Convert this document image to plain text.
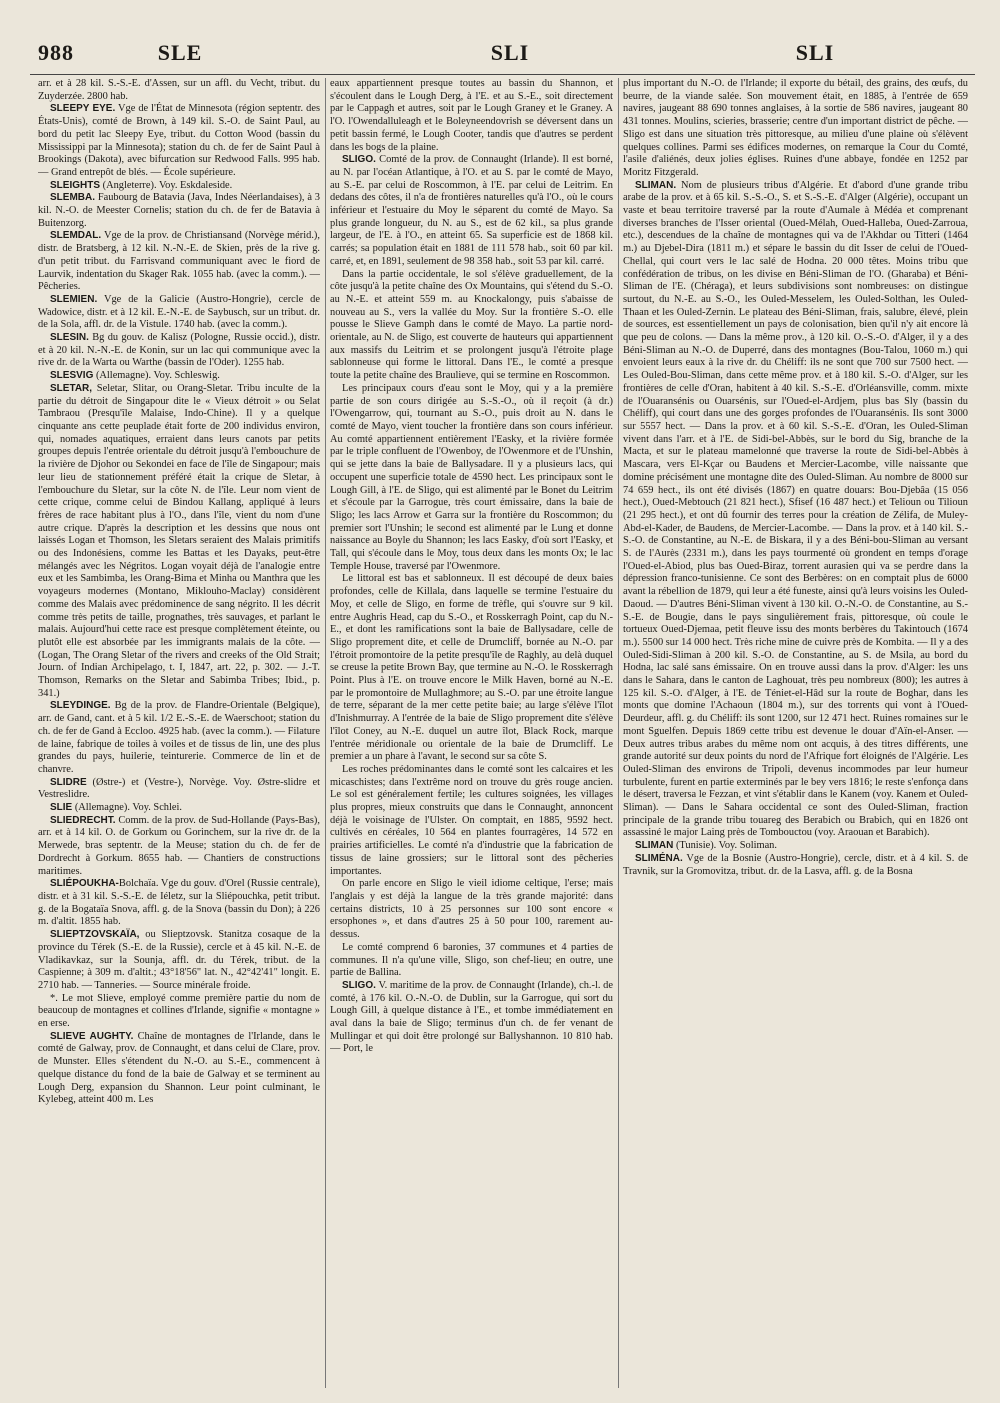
988	SLE	SLI	SLI

arr. et à 28 kil. S.-S.-E. d'Assen, sur un affl. du Vecht, tribut. du Zuyderzée. 2800 hab.

SLEEPY EYE. Vge de l'État de Minnesota (région septentr. des États-Unis), comté de Brown, à 149 kil. S.-O. de Saint Paul, au bord du petit lac Sleepy Eye, tribut. du Cotton Wood (bassin du Mississippi par la Minnesota); station du ch. de fer de Saint Paul à Brookings (Dakota), avec bifurcation sur Redwood Falls. 995 hab. — Grand entrepôt de blés. — École supérieure.

SLEIGHTS (Angleterre). Voy. Eskdaleside.

SLEMBA. Faubourg de Batavia (Java, Indes Néerlandaises), à 3 kil. N.-O. de Meester Cornelis; station du ch. de fer de Batavia à Buitenzorg.

SLEMDAL. Vge de la prov. de Christiansand (Norvège mérid.), distr. de Bratsberg, à 12 kil. N.-N.-E. de Skien, près de la rive g. d'un petit tribut. du Farrisvand communiquant avec le fiord de Laurvik, indentation du Skager Rak. 1055 hab. (avec la comm.). — Pêcheries.

SLEMIEN. Vge de la Galicie (Austro-Hongrie), cercle de Wadowice, distr. et à 12 kil. E.-N.-E. de Saybusch, sur un tribut. dr. de la Sola, affl. dr. de la Vistule. 1740 hab. (avec la comm.).

SLESIN. Bg du gouv. de Kalisz (Pologne, Russie occid.), distr. et à 20 kil. N.-N.-E. de Konin, sur un lac qui communique avec la rive dr. de la Warta ou Warthe (bassin de l'Oder). 1255 hab.

SLESVIG (Allemagne). Voy. Schleswig.

SLETAR, Seletar, Slitar, ou Orang-Sletar. Tribu inculte de la partie du détroit de Singapour dite le « Vieux détroit » ou Selat Tambraou (Presqu'île Malaise, Indo-Chine). Il y a quelque cinquante ans cette peuplade était forte de 200 individus environ, qui, nomades aquatiques, erraient dans leurs canots par petits groupes depuis l'entrée orientale du détroit jusqu'à l'embouchure de la rivière de Djohor ou Sekondei en face de l'île de Singapour; mais leur lieu de stationnement préféré était la crique de Sletar, à l'embouchure du Sletar, sur la côte N. de l'île. Leur nom vient de cette crique, comme celui de Bindou Kallang, appliqué à leurs frères de race habitant plus à l'O., dans l'île, vient du nom d'une autre crique. D'après la description et les dessins que nous ont laissés Logan et Thomson, les Sletars seraient des Malais primitifs ou des Indonésiens, comme les Battas et les Dayaks, peut-être mélangés avec les Négritos. Logan voyait déjà de l'analogie entre eux et les Sambimba, les Orang-Bima et Minha ou Manthra que les voyageurs modernes (Montano, Miklouho-Maclay) considèrent comme des Malais avec prédominence de sang négrito. Il les décrit comme très petits de taille, prognathes, très sauvages, et parlant le malais. Aujourd'hui cette race est presque complètement éteinte, ou plutôt elle est absorbée par les immigrants malais de la côte. — (Logan, The Orang Sletar of the rivers and creeks of the Old Strait; Journ. of Indian Archipelago, t. I, 1847, art. 22, p. 302. — J.-T. Thomson, Remarks on the Sletar and Sabimba Tribes; Ibid., p. 341.)

SLEYDINGE. Bg de la prov. de Flandre-Orientale (Belgique), arr. de Gand, cant. et à 5 kil. 1/2 E.-S.-E. de Waerschoot; station du ch. de fer de Gand à Eccloo. 4925 hab. (avec la comm.). — Filature de laine, fabrique de toiles à voiles et de tissus de lin, une des plus grandes du pays, huilerie, teinturerie. Commerce de lin et de chanvre.

SLIDRE (Østre-) et (Vestre-), Norvège. Voy. Østre-slidre et Vestreslidre.

SLIE (Allemagne). Voy. Schlei.

SLIEDRECHT. Comm. de la prov. de Sud-Hollande (Pays-Bas), arr. et à 14 kil. O. de Gorkum ou Gorinchem, sur la rive dr. de la Merwede, bras septentr. de la Meuse; station du ch. de fer de Dordrecht à Gorkum. 8655 hab. — Chantiers de constructions maritimes.

SLIÉPOUKHA-Bolchaïa. Vge du gouv. d'Orel (Russie centrale), distr. et à 31 kil. S.-S.-E. de Iéletz, sur la Sliépouchka, petit tribut. g. de la Bogataïa Snova, affl. g. de la Snova (bassin du Don); à 226 m. d'altit. 1855 hab.

SLIEPTZOVSKAÏA, ou Slieptzovsk. Stanitza cosaque de la province du Térek (S.-E. de la Russie), cercle et à 45 kil. N.-E. de Vladikavkaz, sur la Sounja, affl. dr. du Térek, tribut. de la Caspienne; à 309 m. d'altit.; 43°18'56" lat. N., 42°42'41" longit. E. 2710 hab. — Tanneries. — Source minérale froide.

*. Le mot Slieve, employé comme première partie du nom de beaucoup de montagnes et collines d'Irlande, signifie « montagne » en erse.

SLIEVE AUGHTY. Chaîne de montagnes de l'Irlande, dans le comté de Galway, prov. de Connaught, et dans celui de Clare, prov. de Munster. Elles s'étendent du N.-O. au S.-E., commencent à quelque distance du fond de la baie de Galway et se terminent au Lough Derg, expansion du Shannon. Leur point culminant, le Kylebeg, atteint 400 m. Les

eaux appartiennent presque toutes au bassin du Shannon, et s'écoulent dans le Lough Derg, à l'E. et au S.-E., soit directement par le Cappagh et autres, soit par le Lough Graney et le Graney. A l'O. l'Owendalluleagh et le Boleyneendovrish se déversent dans un petit bassin fermé, le Lough Cooter, tandis que d'autres se perdent dans les bogs de la plaine.

SLIGO. Comté de la prov. de Connaught (Irlande). Il est borné, au N. par l'océan Atlantique, à l'O. et au S. par le comté de Mayo, au S.-E. par celui de Roscommon, à l'E. par celui de Leitrim. En dedans des côtes, il n'a de frontières naturelles qu'à l'O., où le cours inférieur et l'estuaire du Moy le séparent du comté de Mayo. Sa plus grande longueur, du N. au S., est de 62 kil., sa plus grande largeur, de l'E. à l'O., en atteint 65. Sa superficie est de 1868 kil. carrés; sa population était en 1881 de 111 578 hab., soit 60 par kil. carré, et, en 1891, seulement de 98 358 hab., soit 53 par kil. carré.

Dans la partie occidentale, le sol s'élève graduellement, de la côte jusqu'à la petite chaîne des Ox Mountains, qui s'étend du S.-O. au N.-E. et atteint 559 m. au Knockalongy, puis s'abaisse de nouveau au S., vers la vallée du Moy. Sur la frontière S.-O. elle pousse le Slieve Gamph dans le comté de Mayo. La partie nord-orientale, au N. de Sligo, est couverte de hauteurs qui appartiennent aux massifs du Leitrim et se prolongent jusqu'à l'étroite plage sablonneuse qui forme le littoral. Dans l'E., le comté a presque toute la petite chaîne des Braulieve, qui se termine en Roscommon.

Les principaux cours d'eau sont le Moy, qui y a la première partie de son cours dirigée au S.-S.-O., où il reçoit (à dr.) l'Owengarrow, qui, tournant au S.-O., puis droit au N. dans le comté de Mayo, vient toucher la frontière dans son cours inférieur. Au comté appartiennent entièrement l'Easky, et la rivière formée par le triple confluent de l'Owenboy, de l'Owenmore et de l'Unshin, qui se jette dans la baie de Ballysadare. Il y a plusieurs lacs, qui occupent une superficie totale de 4590 hect. Les principaux sont le Lough Gill, à l'E. de Sligo, qui est alimenté par le Bonet du Leitrim et s'écoule par la Garrogue, très court émissaire, dans la baie de Sligo; les lacs Arrow et Garra sur la frontière du Roscommon; du premier sort l'Unshin; le second est alimenté par le Lung et donne naissance au Boyle du Shannon; les lacs Easky, d'où sort l'Easky, et Tall, qui s'écoule dans le Moy, tous deux dans les monts Ox; le lac Temple House, traversé par l'Owenmore.

Le littoral est bas et sablonneux. Il est découpé de deux baies profondes, celle de Killala, dans laquelle se termine l'estuaire du Moy, et celle de Sligo, en forme de trèfle, qui s'ouvre sur 9 kil. entre Aughris Head, cap du S.-O., et Rosskerragh Point, cap du N.-E., et dont les ramifications sont la baie de Ballysadare, celle de Sligo proprement dite, et celle de Drumcliff, bornée au N.-O. par l'étroit promontoire de la petite presqu'île de Raghly, au delà duquel se creuse la petite Brown Bay, que termine au N.-O. le Rosskerragh Point. Plus à l'E. on trouve encore le Milk Haven, borné au N.-E. par le promontoire de Mullaghmore; au S.-O. par une étroite langue de terre, séparant de la mer cette petite baie; au large s'élève l'îlot d'Inishmurray. A l'entrée de la baie de Sligo proprement dite s'élève l'îlot Coney, au N.-E. duquel un autre îlot, Black Rock, marque l'entrée méridionale ou orientale de la baie de Drumcliff. Le premier a un phare à l'avant, le second sur sa côte S.

Les roches prédominantes dans le comté sont les calcaires et les micaschistes; dans l'extrême nord on trouve du grès rouge ancien. Le sol est généralement fertile; les cultures soignées, les villages plus propres, mieux construits que dans le Connaught, annoncent déjà le voisinage de l'Ulster. On comptait, en 1885, 9592 hect. cultivés en céréales, 10 564 en plantes fourragères, 14 572 en prairies artificielles. Le comté n'a d'industrie que la fabrication de tissus de laine grossiers; sur le littoral sont des pêcheries importantes.

On parle encore en Sligo le vieil idiome celtique, l'erse; mais l'anglais y est déjà la langue de la très grande majorité: dans certains districts, 10 à 25 personnes sur 100 sont encore « ersophones », et dans d'autres 25 à 50 pour 100, rarement au-dessus.

Le comté comprend 6 baronies, 37 communes et 4 parties de communes. Il n'a qu'une ville, Sligo, son chef-lieu; en outre, une partie de Ballina.

SLIGO. V. maritime de la prov. de Connaught (Irlande), ch.-l. de comté, à 176 kil. O.-N.-O. de Dublin, sur la Garrogue, qui sort du Lough Gill, à quelque distance à l'E., et tombe immédiatement en aval dans la baie de Sligo; terminus d'un ch. de fer venant de Mullingar et qui doit être prolongé sur Ballyshannon. 10 810 hab. — Port, le

plus important du N.-O. de l'Irlande; il exporte du bétail, des grains, des œufs, du beurre, de la viande salée. Son mouvement était, en 1885, à l'entrée de 659 navires, jaugeant 88 690 tonnes anglaises, à la sortie de 586 navires, jaugeant 80 431 tonnes. Moulins, scieries, brasserie; centre d'un important district de pêche. — Sligo est dans une situation très pittoresque, au milieu d'une plaine où s'élèvent quelques collines. Parmi ses édifices modernes, on remarque la Cour du Comté, l'asile d'aliénés, deux jolies églises. Ruines d'une abbaye, fondée en 1252 par Moritz Fitzgerald.

SLIMAN. Nom de plusieurs tribus d'Algérie. Et d'abord d'une grande tribu arabe de la prov. et à 65 kil. S.-S.-O., S. et S.-S.-E. d'Alger (Algérie), occupant un vaste et beau territoire traversé par la route d'Aumale à Médéa et comprenant diverses branches de l'Isser oriental (Oued-Mélah, Oued-Halleba, Oued-Zarroua, etc.), descendues de la chaîne de montagnes qui va de l'Akhdar ou Titteri (1464 m.) au Djebel-Dira (1811 m.) et sépare le bassin du dit Isser de celui de l'Oued-Chellal, qui court vers le lac salé de Hodna. 20 000 têtes. Moins tribu que confédération de tribus, on les divise en Béni-Sliman de l'O. (Gharaba) et Béni-Sliman de l'E. (Chéraga), et leurs subdivisions sont nombreuses: on distingue surtout, du N.-E. au S.-O., les Ouled-Messelem, les Ouled-Solthan, les Ouled-Thaan et les Ouled-Zernin. Le plateau des Béni-Sliman, frais, salubre, élevé, plein de sources, est essentiellement un pays de colonisation, bien qu'il n'y ait encore là que peu de colons. — Dans la même prov., à 120 kil. O.-S.-O. d'Alger, il y a des Béni-Sliman au N.-O. de Duperré, dans des montagnes (Bou-Talou, 1060 m.) qui envoient leurs eaux à la rive dr. du Chéliff: ils ne sont que 700 sur 7500 hect. — Les Ouled-Bou-Sliman, dans cette même prov. et à 180 kil. S.-O. d'Alger, sur les frontières de celle d'Oran, habitent à 40 kil. S.-S.-E. d'Orléansville, comm. mixte de l'Ouaransénis ou Ouarsénis, sur l'Oued-el-Ardjem, plus bas Sly (bassin du Chéliff), qui court dans une des gorges profondes de l'Ouaransénis. Ils sont 3000 sur 5557 hect. — Dans la prov. et à 60 kil. S.-S.-E. d'Oran, les Ouled-Sliman vivent dans l'arr. et à l'E. de Sidi-bel-Abbès, sur le bord du Sig, branche de la Macta, et sur le plateau mamelonné que traverse la route de Sidi-bel-Abbès à Mascara, vers El-Kçar ou Baudens et Mercier-Lacombe, ville naissante que domine précisément une montagne dite des Ouled-Sliman. Au nombre de 8000 sur 74 659 hect., ils ont été divisés (1867) en quatre douars: Bou-Djebâa (15 056 hect.), Oued-Mebtouch (21 821 hect.), Sfisef (16 487 hect.) et Telioun ou Tilioun (21 295 hect.), et ont dû fournir des terres pour la création de Zélifa, de Muley-Abd-el-Kader, de Baudens, de Mercier-Lacombe. — Dans la prov. et à 140 kil. S.-S.-O. de Constantine, au N.-E. de Biskara, il y a des Béni-bou-Sliman au versant S. de l'Aurès (2331 m.), dans les pays tourmenté où grondent en temps d'orage l'Oued-el-Abiod, plus bas Oued-Biraz, torrent aurasien qui va se perdre dans la dépression franco-tunisienne. Ce sont des Berbères: on en comptait plus de 6000 avant la rébellion de 1879, qui leur a été funeste, ainsi qu'à leurs voisins les Ouled-Daoud. — D'autres Béni-Sliman vivent à 130 kil. O.-N.-O. de Constantine, au S.-S.-E. de Bougie, dans le pays singulièrement frais, pittoresque, où coule le tortueux Oued-Djemaa, petit fleuve issu des monts berbères du Takintouch (1674 m.). 5500 sur 14 000 hect. Très riche mine de cuivre près de Kombita. — Il y a des Ouled-Sidi-Sliman à 200 kil. S.-O. de Constantine, au S. de Msila, au bord du Hodna, lac salé sans émissaire. On en trouve aussi dans la prov. d'Alger: les uns dans le Sahara, dans le canton de Laghouat, très peu nombreux (800); les autres à 125 kil. S.-O. d'Alger, à l'E. de Téniet-el-Hâd sur la route de Boghar, dans les monts que domine l'Achaoun (1804 m.), sur des torrents qui vont à l'Oued-Deurdeur, affl. g. du Chéliff: ils sont 1200, sur 12 471 hect. Ruines romaines sur le mont Sguelfen. Depuis 1869 cette tribu est devenue le douar d'Aïn-el-Anser. — Deux autres tribus arabes du même nom ont acquis, à des titres différents, une grande autorité sur deux points du nord de l'Afrique fort éloignés de l'Algérie. Les Ouled-Sliman des environs de Tripoli, devenus incommodes par leur humeur turbulente, furent en partie exterminés par le bey vers 1816; le reste s'enfonça dans le désert, traversa le Fezzan, et vint s'établir dans le Kanem (voy. Kanem et Ouled-Sliman). — Dans le Sahara occidental ce sont des Ouled-Sliman, fraction principale de la grande tribu touareg des Berabich ou Brabich, qui en 1826 ont assassiné le major Laing près de Tombouctou (voy. Araouan et Barabich).

SLIMAN (Tunisie). Voy. Soliman.

SLIMÉNA. Vge de la Bosnie (Austro-Hongrie), cercle, distr. et à 4 kil. S. de Travnik, sur la Gromovitza, tribut. dr. de la Lasva, affl. g. de la Bosna
